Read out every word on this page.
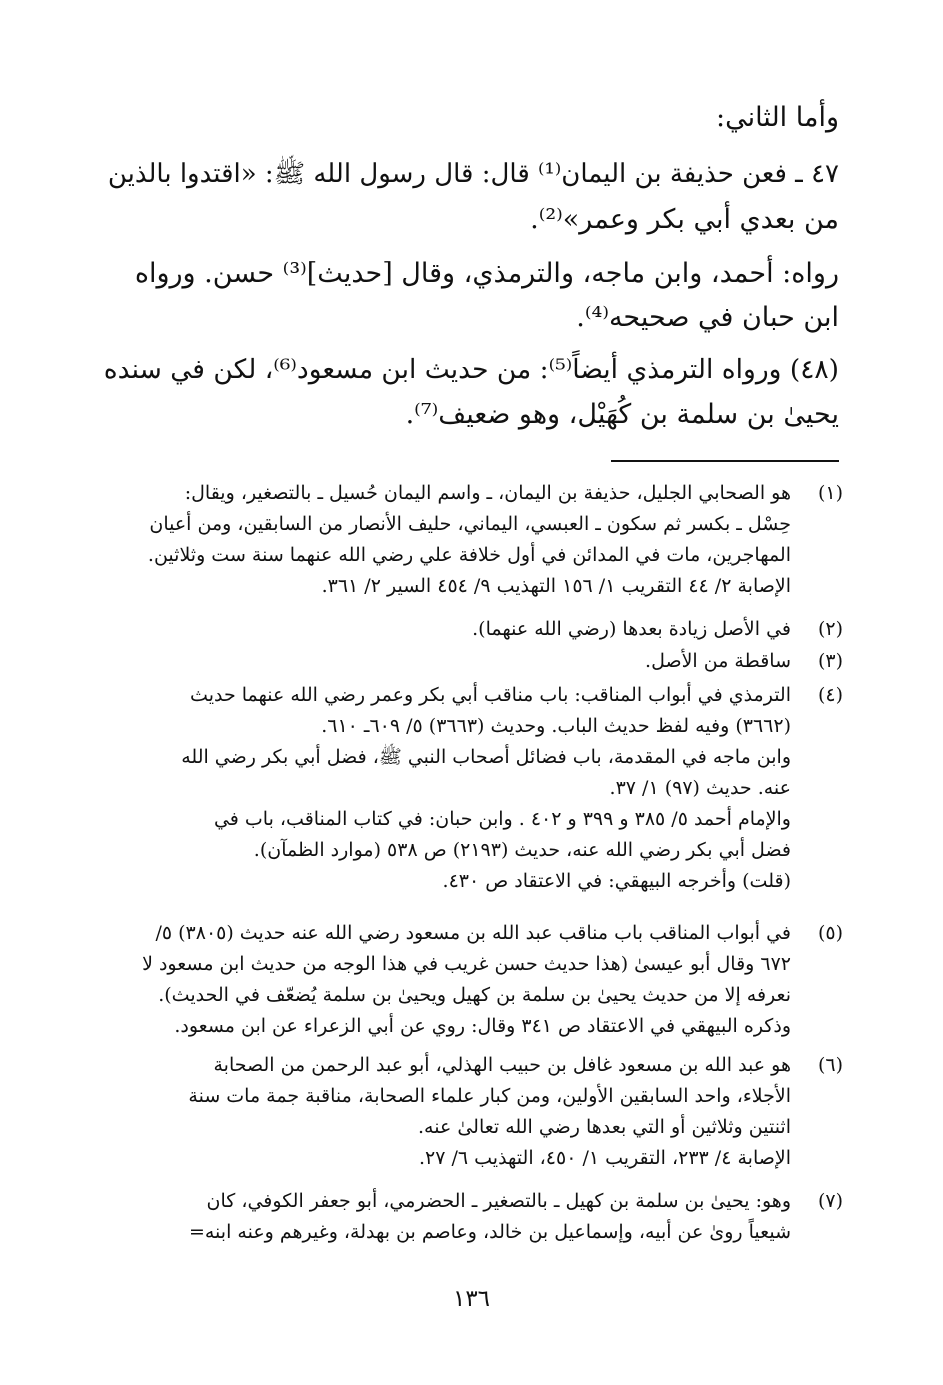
وأما الثاني:
٤٧ ـ فعن حذيفة بن اليمان⁽¹⁾ قال: قال رسول الله ﷺ: «اقتدوا بالذين
من بعدي أبي بكر وعمر»⁽²⁾.
رواه: أحمد، وابن ماجه، والترمذي، وقال [حديث]⁽³⁾ حسن. ورواه
ابن حبان في صحيحه⁽⁴⁾.
(٤٨) ورواه الترمذي أيضاً⁽⁵⁾: من حديث ابن مسعود⁽⁶⁾، لكن في سنده
يحيىٰ بن سلمة بن كُهَيْل، وهو ضعيف⁽⁷⁾.
(١)
هو الصحابي الجليل، حذيفة بن اليمان، ـ واسم اليمان حُسيل ـ بالتصغير، ويقال:
حِسْل ـ بكسر ثم سكون ـ العبسي، اليماني، حليف الأنصار من السابقين، ومن أعيان
المهاجرين، مات في المدائن في أول خلافة علي رضي الله عنهما سنة ست وثلاثين.
الإصابة ٢/ ٤٤ التقريب ١/ ١٥٦ التهذيب ٩/ ٤٥٤ السير ٢/ ٣٦١.
(٢)
في الأصل زيادة بعدها (رضي الله عنهما).
(٣)
ساقطة من الأصل.
(٤)
الترمذي في أبواب المناقب: باب مناقب أبي بكر وعمر رضي الله عنهما حديث
(٣٦٦٢) وفيه لفظ حديث الباب. وحديث (٣٦٦٣) ٥/ ٦٠٩ـ ٦١٠.
وابن ماجه في المقدمة، باب فضائل أصحاب النبي ﷺ، فضل أبي بكر رضي الله
عنه. حديث (٩٧) ١/ ٣٧.
والإمام أحمد ٥/ ٣٨٥ و ٣٩٩ و ٤٠٢ . وابن حبان: في كتاب المناقب، باب في
فضل أبي بكر رضي الله عنه، حديث (٢١٩٣) ص ٥٣٨ (موارد الظمآن).
(قلت) وأخرجه البيهقي: في الاعتقاد ص ٤٣٠.
(٥)
في أبواب المناقب باب مناقب عبد الله بن مسعود رضي الله عنه حديث (٣٨٠٥) ٥/
٦٧٢ وقال أبو عيسىٰ (هذا حديث حسن غريب في هذا الوجه من حديث ابن مسعود لا
نعرفه إلا من حديث يحيىٰ بن سلمة بن كهيل ويحيىٰ بن سلمة يُضعّف في الحديث).
وذكره البيهقي في الاعتقاد ص ٣٤١ وقال: روي عن أبي الزعراء عن ابن مسعود.
(٦)
هو عبد الله بن مسعود غافل بن حبيب الهذلي، أبو عبد الرحمن من الصحابة
الأجلاء، واحد السابقين الأولين، ومن كبار علماء الصحابة، مناقبة جمة مات سنة
اثنتين وثلاثين أو التي بعدها رضي الله تعالىٰ عنه.
الإصابة ٤/ ٢٣٣، التقريب ١/ ٤٥٠، التهذيب ٦/ ٢٧.
(٧)
وهو: يحيىٰ بن سلمة بن كهيل ـ بالتصغير ـ الحضرمي، أبو جعفر الكوفي، كان
شيعياً روىٰ عن أبيه، وإسماعيل بن خالد، وعاصم بن بهدلة، وغيرهم وعنه ابنه=
١٣٦
